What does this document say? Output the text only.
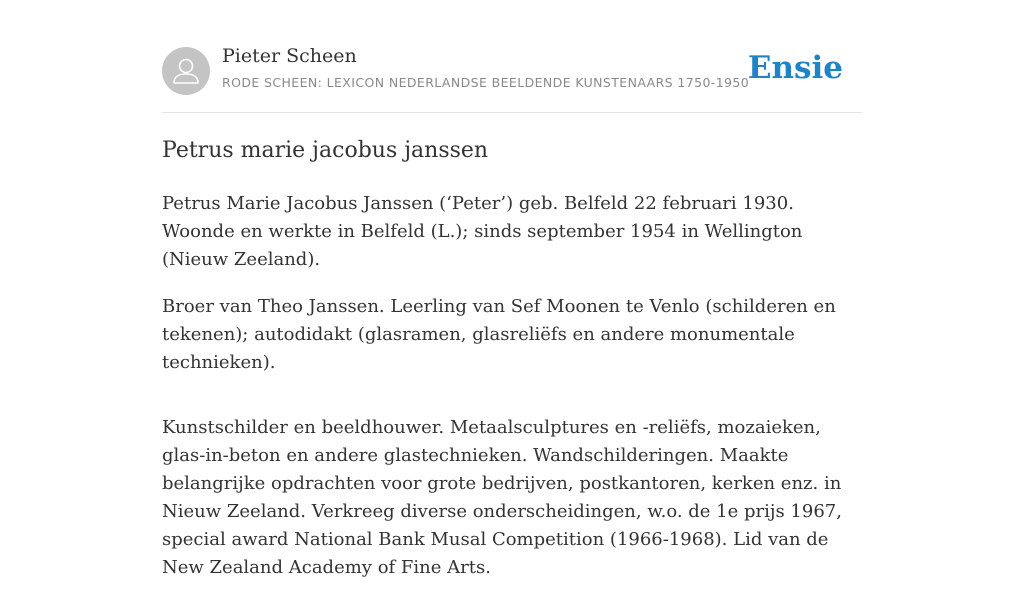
Pieter Scheen
RODE SCHEEN: LEXICON NEDERLANDSE BEELDENDE KUNSTENAARS 1750-1950
Ensie
Petrus marie jacobus janssen

Petrus Marie Jacobus Janssen (‘Peter’) geb. Belfeld 22 februari 1930. Woonde en werkte in Belfeld (L.); sinds september 1954 in Wellington (Nieuw Zeeland).

Broer van Theo Janssen. Leerling van Sef Moonen te Venlo (schilderen en tekenen); autodidakt (glasramen, glasreliëfs en andere monumentale technieken).

Kunstschilder en beeldhouwer. Metaalsculptures en -reliëfs, mozaieken, glas-in-beton en andere glastechnieken. Wandschilderingen. Maakte belangrijke opdrachten voor grote bedrijven, postkantoren, kerken enz. in Nieuw Zeeland. Verkreeg diverse onderscheidingen, w.o. de 1e prijs 1967, special award National Bank Musal Competition (1966-1968). Lid van de New Zealand Academy of Fine Arts.
